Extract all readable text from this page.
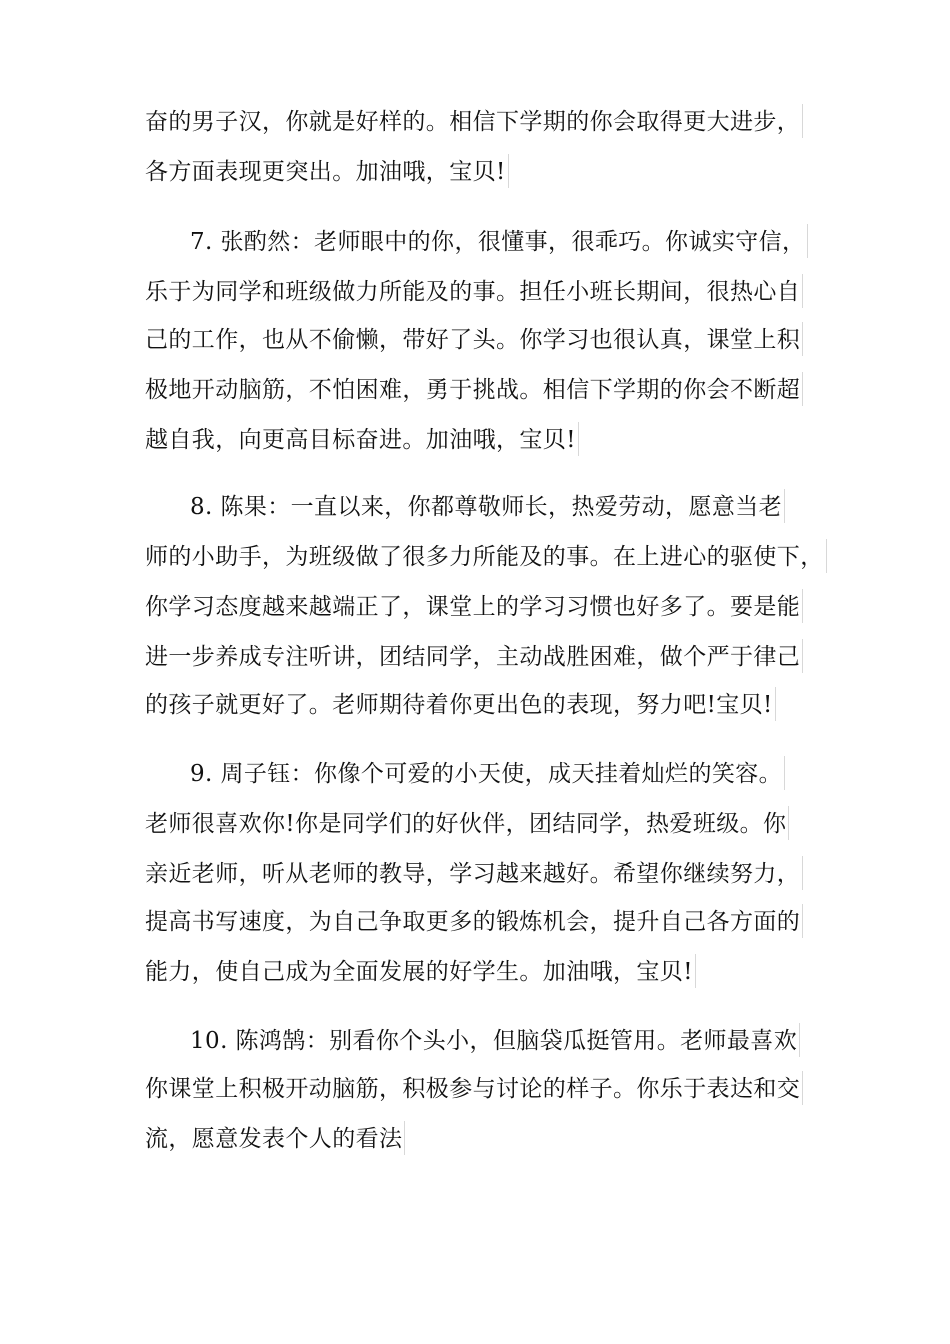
奋的男子汉，你就是好样的。相信下学期的你会取得更大进步，
各方面表现更突出。加油哦，宝贝!
7. 张酌然：老师眼中的你，很懂事，很乖巧。你诚实守信，
乐于为同学和班级做力所能及的事。担任小班长期间，很热心自
己的工作，也从不偷懒，带好了头。你学习也很认真，课堂上积
极地开动脑筋，不怕困难，勇于挑战。相信下学期的你会不断超
越自我，向更高目标奋进。加油哦，宝贝!
8. 陈果：一直以来，你都尊敬师长，热爱劳动，愿意当老
师的小助手，为班级做了很多力所能及的事。在上进心的驱使下，
你学习态度越来越端正了，课堂上的学习习惯也好多了。要是能
进一步养成专注听讲，团结同学，主动战胜困难，做个严于律己
的孩子就更好了。老师期待着你更出色的表现，努力吧!宝贝!
9. 周子钰：你像个可爱的小天使，成天挂着灿烂的笑容。
老师很喜欢你!你是同学们的好伙伴，团结同学，热爱班级。你
亲近老师，听从老师的教导，学习越来越好。希望你继续努力，
提高书写速度，为自己争取更多的锻炼机会，提升自己各方面的
能力，使自己成为全面发展的好学生。加油哦，宝贝!
10. 陈鸿鹄：别看你个头小，但脑袋瓜挺管用。老师最喜欢
你课堂上积极开动脑筋，积极参与讨论的样子。你乐于表达和交
流，愿意发表个人的看法
